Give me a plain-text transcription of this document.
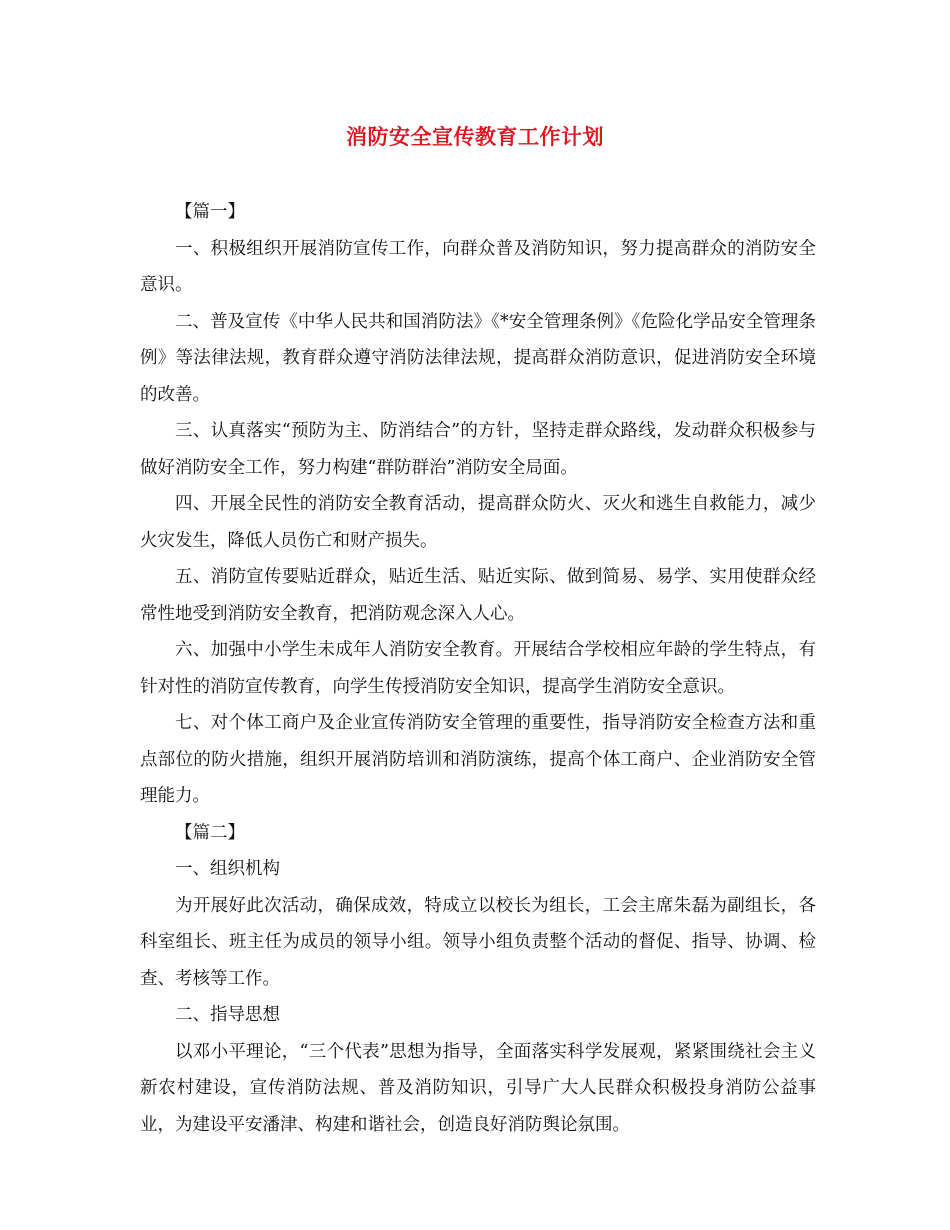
消防安全宣传教育工作计划

【篇一】

一、积极组织开展消防宣传工作，向群众普及消防知识，努力提高群众的消防安全意识。

二、普及宣传《中华人民共和国消防法》《*安全管理条例》《危险化学品安全管理条例》等法律法规，教育群众遵守消防法律法规，提高群众消防意识，促进消防安全环境的改善。

三、认真落实“预防为主、防消结合”的方针，坚持走群众路线，发动群众积极参与做好消防安全工作，努力构建“群防群治”消防安全局面。

四、开展全民性的消防安全教育活动，提高群众防火、灭火和逃生自救能力，减少火灾发生，降低人员伤亡和财产损失。

五、消防宣传要贴近群众，贴近生活、贴近实际、做到简易、易学、实用使群众经常性地受到消防安全教育，把消防观念深入人心。

六、加强中小学生未成年人消防安全教育。开展结合学校相应年龄的学生特点，有针对性的消防宣传教育，向学生传授消防安全知识，提高学生消防安全意识。

七、对个体工商户及企业宣传消防安全管理的重要性，指导消防安全检查方法和重点部位的防火措施，组织开展消防培训和消防演练，提高个体工商户、企业消防安全管理能力。

【篇二】

一、组织机构

为开展好此次活动，确保成效，特成立以校长为组长，工会主席朱磊为副组长，各科室组长、班主任为成员的领导小组。领导小组负责整个活动的督促、指导、协调、检查、考核等工作。

二、指导思想

以邓小平理论，“三个代表”思想为指导，全面落实科学发展观，紧紧围绕社会主义新农村建设，宣传消防法规、普及消防知识，引导广大人民群众积极投身消防公益事业，为建设平安潘津、构建和谐社会，创造良好消防舆论氛围。
